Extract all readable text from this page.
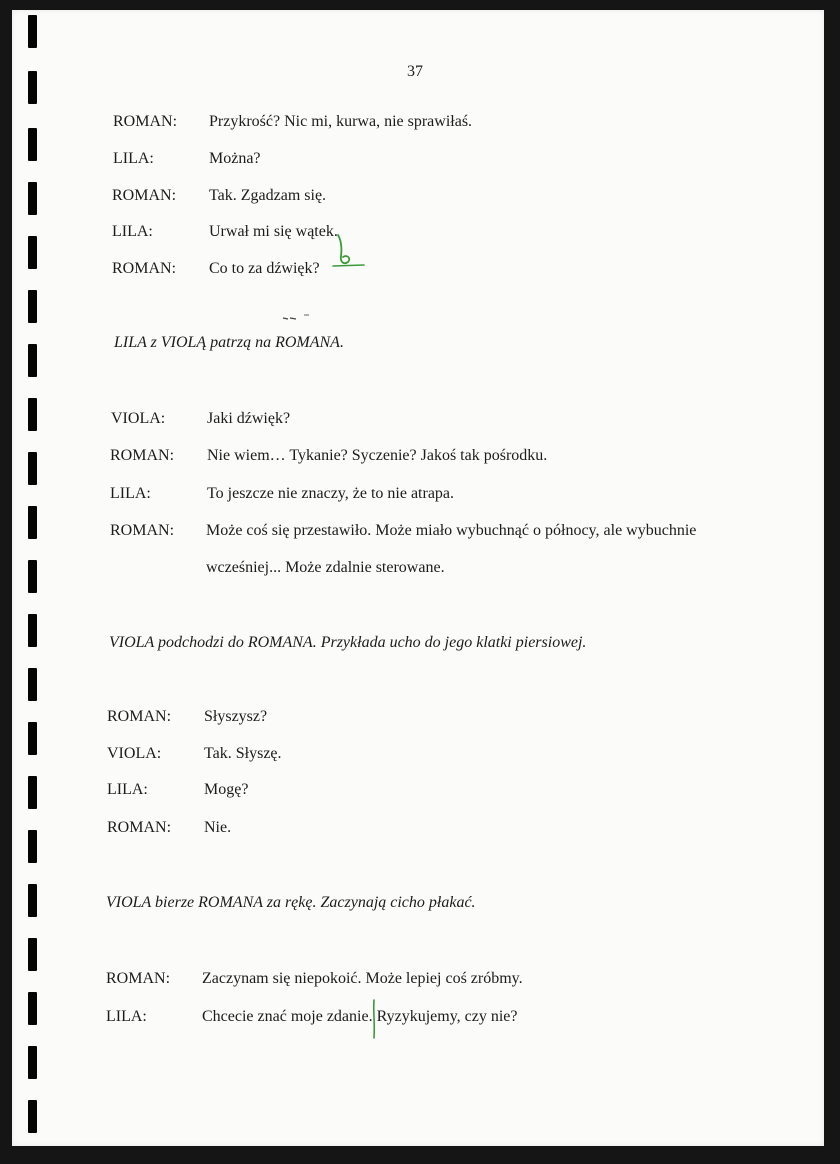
37
ROMAN: Przykrość? Nic mi, kurwa, nie sprawiłaś.
LILA:	Można?
ROMAN: Tak. Zgadzam się.
LILA:	Urwał mi się wątek.
ROMAN: Co to za dźwięk?
LILA z VIOLĄ patrzą na ROMANA.
VIOLA:	Jaki dźwięk?
ROMAN: Nie wiem… Tykanie? Syczenie? Jakoś tak pośrodku.
LILA:	To jeszcze nie znaczy, że to nie atrapa.
ROMAN: Może coś się przestawiło. Może miało wybuchnąć o północy, ale wybuchnie
wcześniej... Może zdalnie sterowane.
VIOLA podchodzi do ROMANA. Przykłada ucho do jego klatki piersiowej.
ROMAN: Słyszysz?
VIOLA:	Tak. Słyszę.
LILA:	Mogę?
ROMAN: Nie.
VIOLA bierze ROMANA za rękę. Zaczynają cicho płakać.
ROMAN: Zaczynam się niepokoić. Może lepiej coś zróbmy.
LILA:	Chcecie znać moje zdanie. Ryzykujemy, czy nie?
